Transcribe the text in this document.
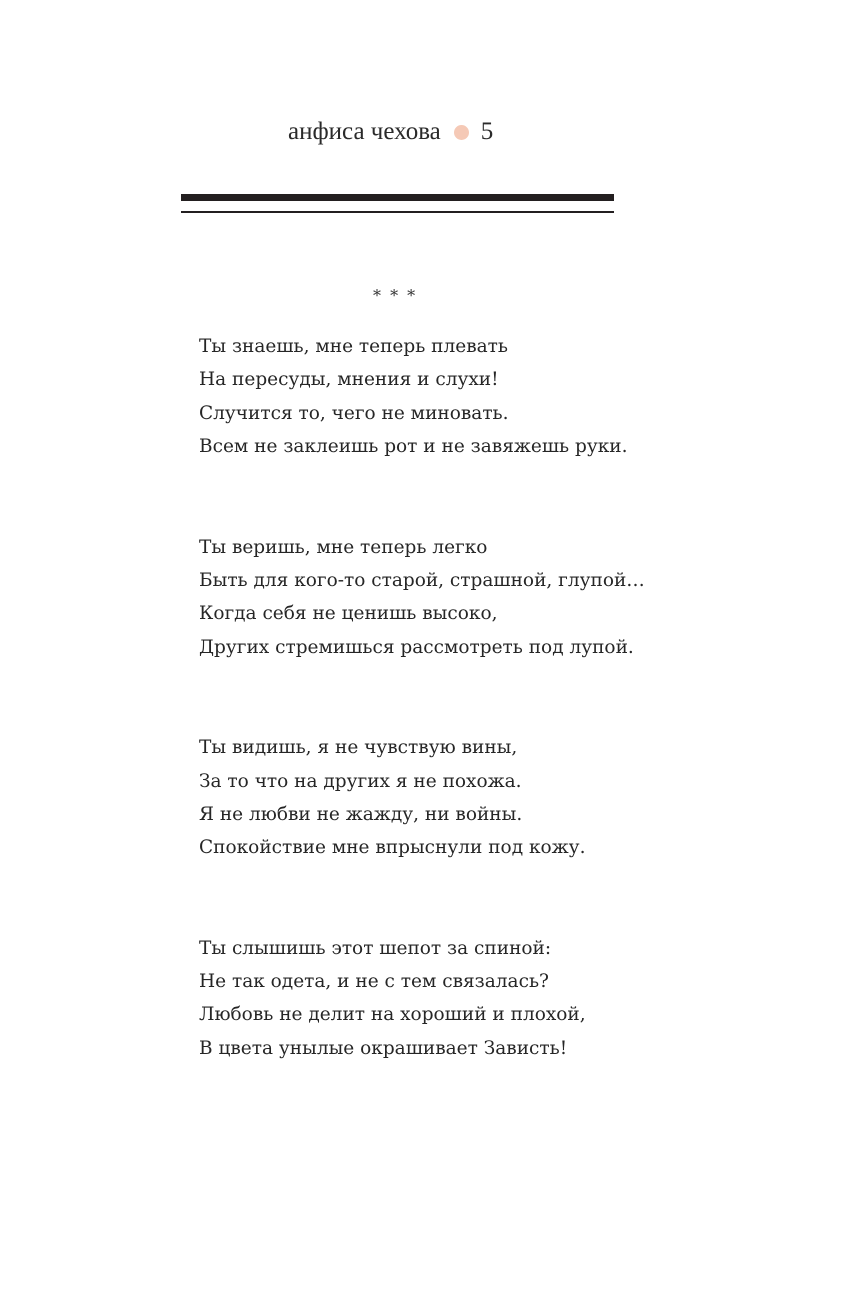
анфиса чехова 5
* * *
Ты знаешь, мне теперь плевать
На пересуды, мнения и слухи!
Случится то, чего не миновать.
Всем не заклеишь рот и не завяжешь руки.
Ты веришь, мне теперь легко
Быть для кого-то старой, страшной, глупой…
Когда себя не ценишь высоко,
Других стремишься рассмотреть под лупой.
Ты видишь, я не чувствую вины,
За то что на других я не похожа.
Я не любви не жажду, ни войны.
Спокойствие мне впрыснули под кожу.
Ты слышишь этот шепот за спиной:
Не так одета, и не с тем связалась?
Любовь не делит на хороший и плохой,
В цвета унылые окрашивает Зависть!
